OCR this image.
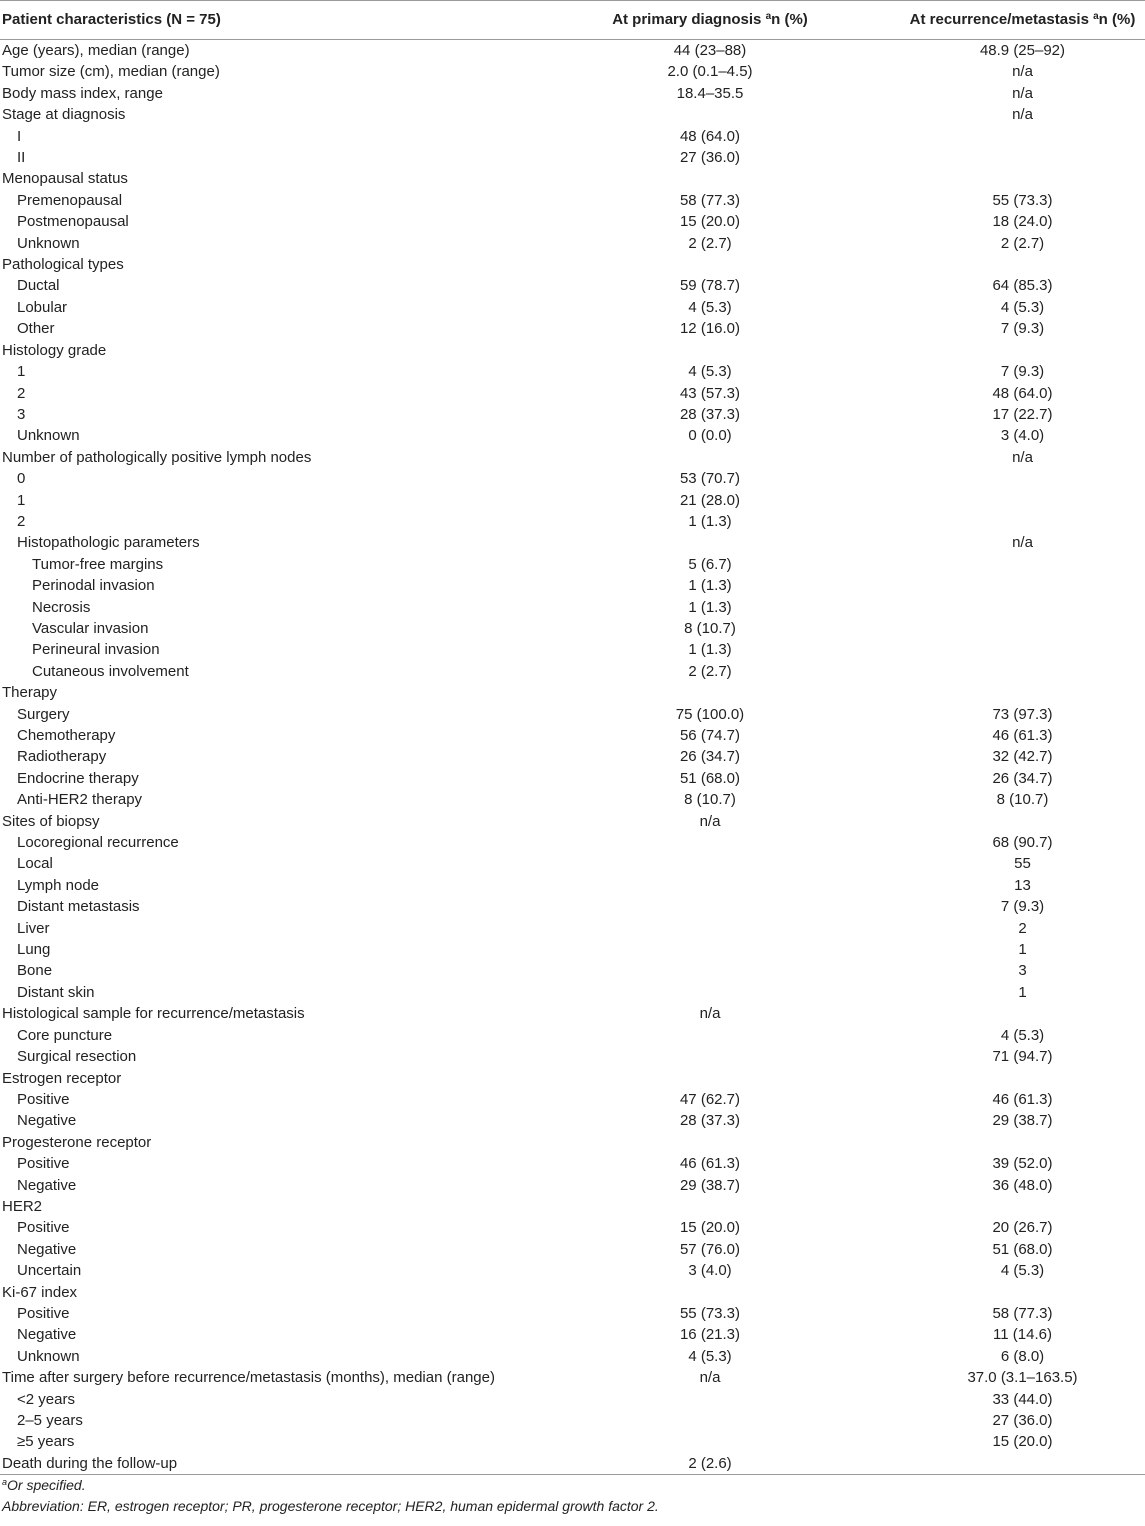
Patient characteristics (N = 75)	At primary diagnosis $^a$n (%)	At recurrence/metastasis $^a$n (%)
Age (years), median (range)	44 (23–88)	48.9 (25–92)
Tumor size (cm), median (range)	2.0 (0.1–4.5)	n/a
Body mass index, range	18.4–35.5	n/a
Stage at diagnosis		n/a
I	48 (64.0)	
II	27 (36.0)	
Menopausal status		
Premenopausal	58 (77.3)	55 (73.3)
Postmenopausal	15 (20.0)	18 (24.0)
Unknown	2 (2.7)	2 (2.7)
Pathological types		
Ductal	59 (78.7)	64 (85.3)
Lobular	4 (5.3)	4 (5.3)
Other	12 (16.0)	7 (9.3)
Histology grade		
1	4 (5.3)	7 (9.3)
2	43 (57.3)	48 (64.0)
3	28 (37.3)	17 (22.7)
Unknown	0 (0.0)	3 (4.0)
Number of pathologically positive lymph nodes		n/a
0	53 (70.7)	
1	21 (28.0)	
2	1 (1.3)	
Histopathologic parameters		n/a
Tumor-free margins	5 (6.7)	
Perinodal invasion	1 (1.3)	
Necrosis	1 (1.3)	
Vascular invasion	8 (10.7)	
Perineural invasion	1 (1.3)	
Cutaneous involvement	2 (2.7)	
Therapy		
Surgery	75 (100.0)	73 (97.3)
Chemotherapy	56 (74.7)	46 (61.3)
Radiotherapy	26 (34.7)	32 (42.7)
Endocrine therapy	51 (68.0)	26 (34.7)
Anti-HER2 therapy	8 (10.7)	8 (10.7)
Sites of biopsy	n/a	
Locoregional recurrence		68 (90.7)
Local		55
Lymph node		13
Distant metastasis		7 (9.3)
Liver		2
Lung		1
Bone		3
Distant skin		1
Histological sample for recurrence/metastasis	n/a	
Core puncture		4 (5.3)
Surgical resection		71 (94.7)
Estrogen receptor		
Positive	47 (62.7)	46 (61.3)
Negative	28 (37.3)	29 (38.7)
Progesterone receptor		
Positive	46 (61.3)	39 (52.0)
Negative	29 (38.7)	36 (48.0)
HER2		
Positive	15 (20.0)	20 (26.7)
Negative	57 (76.0)	51 (68.0)
Uncertain	3 (4.0)	4 (5.3)
Ki-67 index		
Positive	55 (73.3)	58 (77.3)
Negative	16 (21.3)	11 (14.6)
Unknown	4 (5.3)	6 (8.0)
Time after surgery before recurrence/metastasis (months), median (range)	n/a	37.0 (3.1–163.5)
<2 years		33 (44.0)
2–5 years		27 (36.0)
≥5 years		15 (20.0)
Death during the follow-up	2 (2.6)	
$^a$Or specified.
Abbreviation: ER, estrogen receptor; PR, progesterone receptor; HER2, human epidermal growth factor 2.
